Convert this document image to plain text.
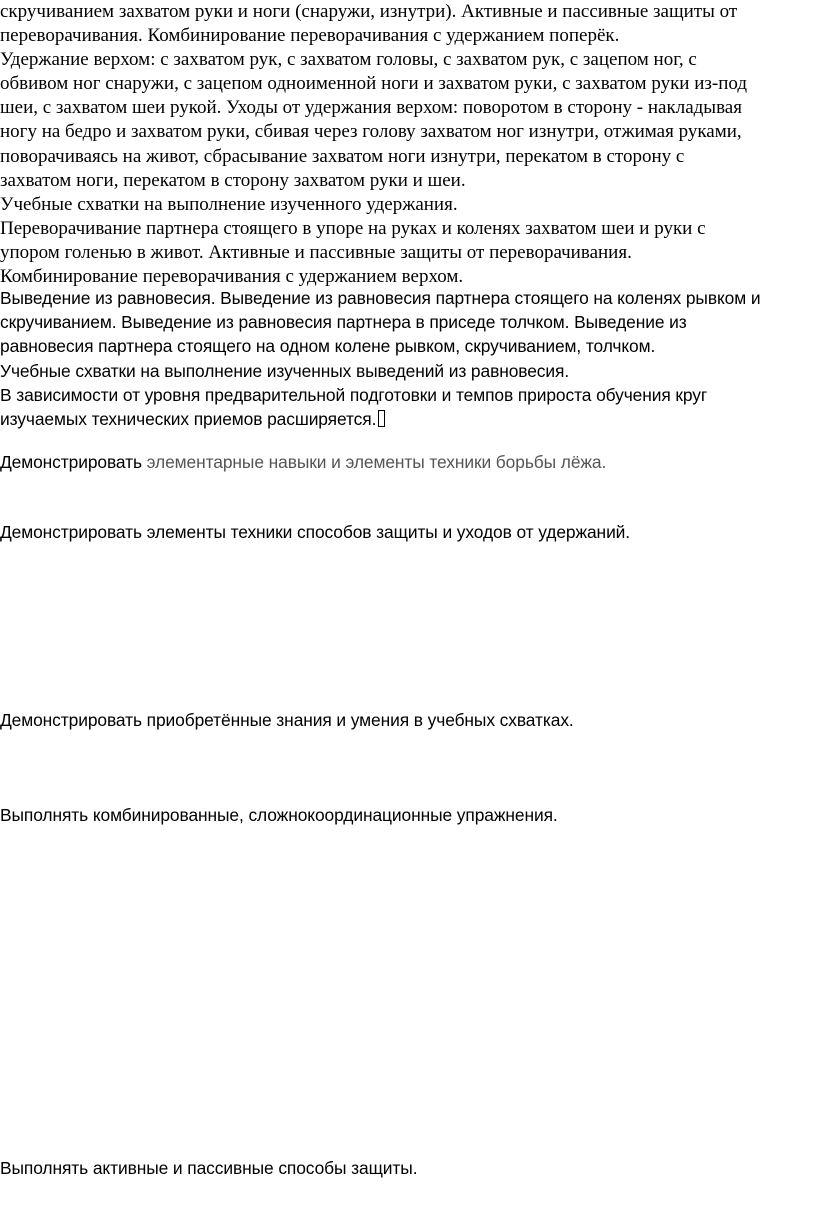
скручиванием захватом руки и ноги (снаружи, изнутри). Активные и пассивные защиты от

переворачивания. Комбинирование переворачивания с удержанием поперёк.

Удержание верхом: с захватом рук, с захватом головы, с захватом рук, с зацепом ног, с

обвивом ног снаружи, с зацепом одноименной ноги и захватом руки, с захватом руки из-под

шеи, с захватом шеи рукой. Уходы от удержания верхом: поворотом в сторону - накладывая

ногу на бедро и захватом руки, сбивая через голову захватом ног изнутри, отжимая руками,

поворачиваясь на живот, сбрасывание захватом ноги изнутри, перекатом в сторону с

захватом ноги, перекатом в сторону захватом руки и шеи.

Учебные схватки на выполнение изученного удержания.

Переворачивание партнера стоящего в упоре на руках и коленях захватом шеи и руки с

упором голенью в живот. Активные и пассивные защиты от переворачивания.

Комбинирование переворачивания с удержанием верхом.

Выведение из равновесия. Выведение из равновесия партнера стоящего на коленях рывком и

скручиванием. Выведение из равновесия партнера в приседе толчком. Выведение из

равновесия партнера стоящего на одном колене рывком, скручиванием, толчком.

Учебные схватки на выполнение изученных выведений из равновесия.

В зависимости от уровня предварительной подготовки и темпов прироста обучения круг

изучаемых технических приемов расширяется.

Демонстрировать элементарные навыки и элементы техники борьбы лёжа.
Демонстрировать элементы техники способов защиты и уходов от удержаний.
Демонстрировать приобретённые знания и умения в учебных схватках.
Выполнять комбинированные, сложнокоординационные упражнения.
Выполнять активные и пассивные способы защиты.
